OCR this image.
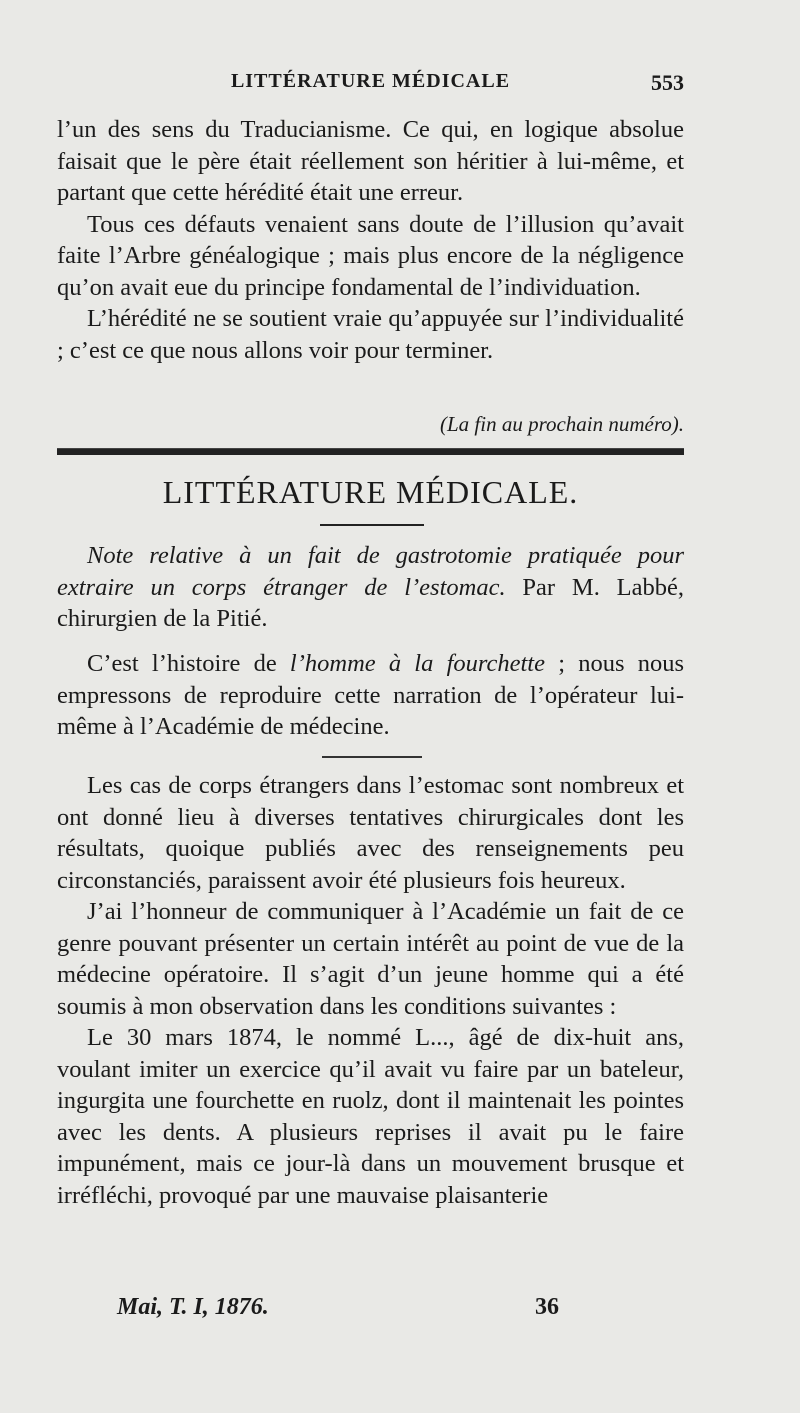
LITTÉRATURE MÉDICALE	553

l’un des sens du Traducianisme. Ce qui, en logique absolue faisait que le père était réellement son héritier à lui-même, et partant que cette hérédité était une erreur.

Tous ces défauts venaient sans doute de l’illusion qu’avait faite l’Arbre généalogique ; mais plus encore de la négligence qu’on avait eue du principe fondamental de l’individuation.

L’hérédité ne se soutient vraie qu’appuyée sur l’individualité ; c’est ce que nous allons voir pour terminer.

(La fin au prochain numéro).
LITTÉRATURE MÉDICALE.

Note relative à un fait de gastrotomie pratiquée pour extraire un corps étranger de l’estomac. Par M. Labbé, chirurgien de la Pitié.

C’est l’histoire de l’homme à la fourchette ; nous nous empressons de reproduire cette narration de l’opérateur lui-même à l’Académie de médecine.

Les cas de corps étrangers dans l’estomac sont nombreux et ont donné lieu à diverses tentatives chirurgicales dont les résultats, quoique publiés avec des renseignements peu circonstanciés, paraissent avoir été plusieurs fois heureux.

J’ai l’honneur de communiquer à l’Académie un fait de ce genre pouvant présenter un certain intérêt au point de vue de la médecine opératoire. Il s’agit d’un jeune homme qui a été soumis à mon observation dans les conditions suivantes :

Le 30 mars 1874, le nommé L..., âgé de dix-huit ans, voulant imiter un exercice qu’il avait vu faire par un bateleur, ingurgita une fourchette en ruolz, dont il maintenait les pointes avec les dents. A plusieurs reprises il avait pu le faire impunément, mais ce jour-là dans un mouvement brusque et irréfléchi, provoqué par une mauvaise plaisanterie

Mai, T. I, 1876.	36
